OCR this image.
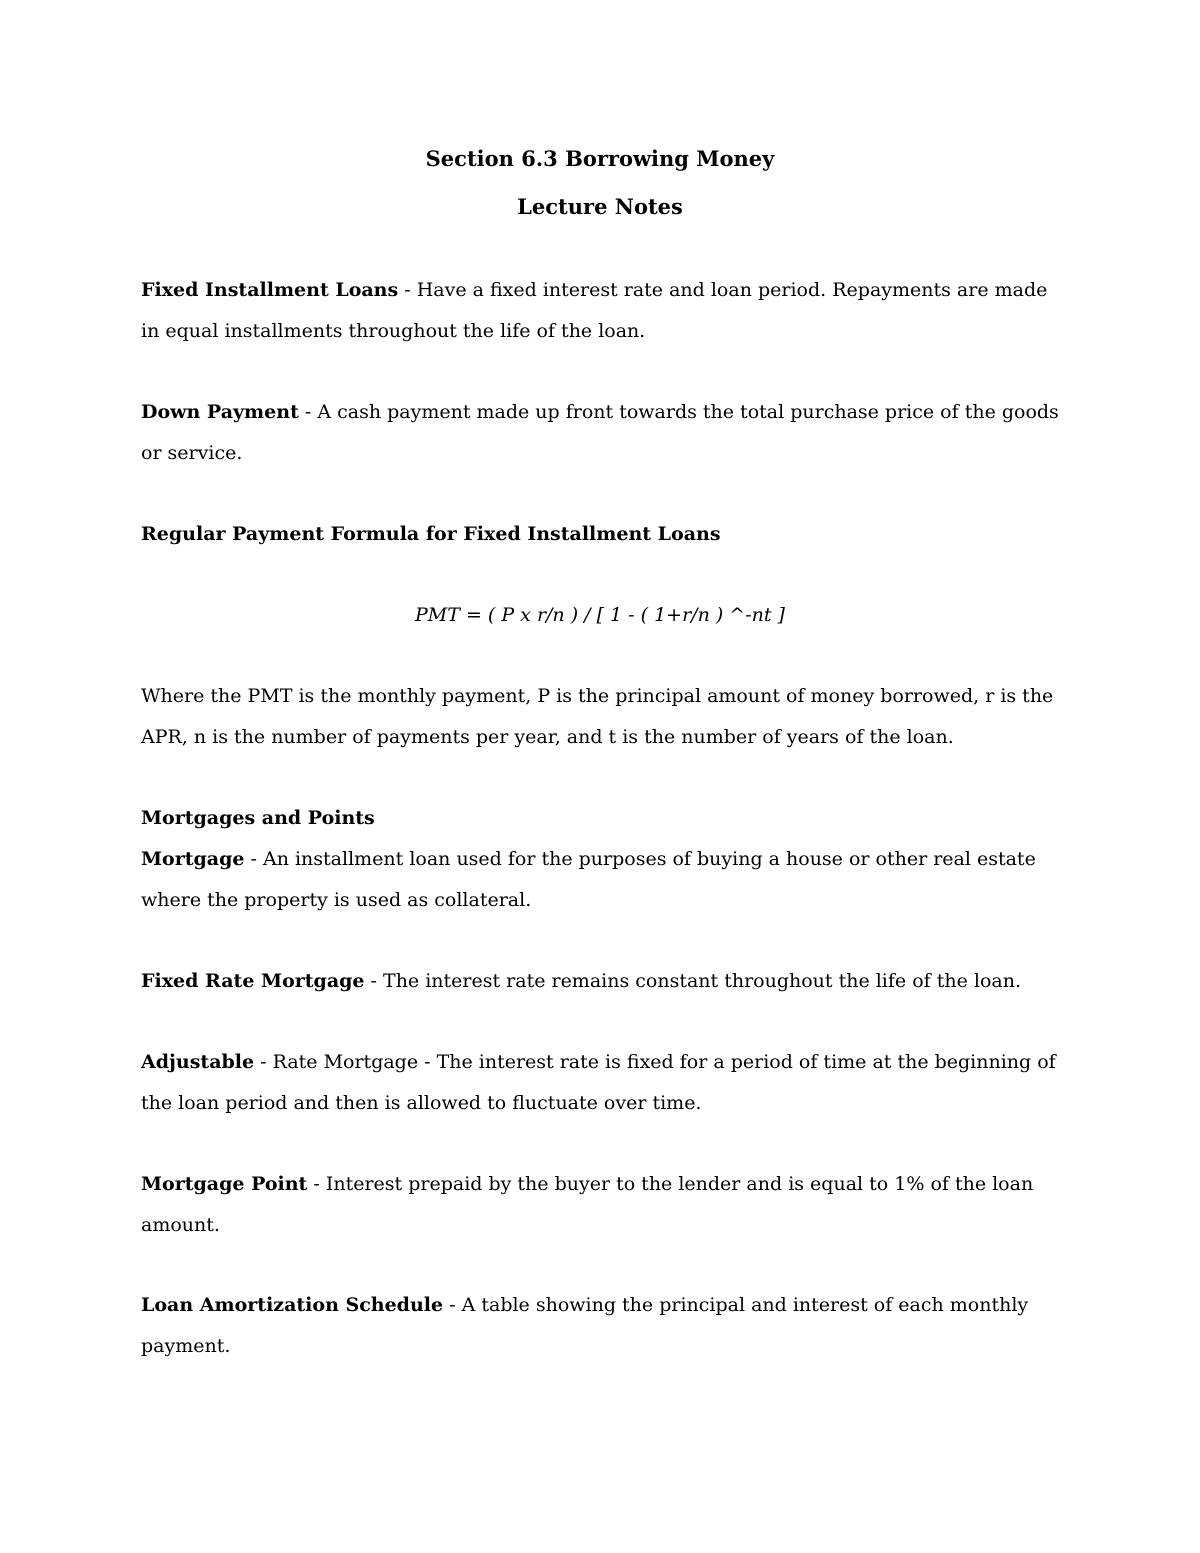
Section 6.3 Borrowing Money
Lecture Notes

Fixed Installment Loans - Have a fixed interest rate and loan period. Repayments are made in equal installments throughout the life of the loan.

Down Payment - A cash payment made up front towards the total purchase price of the goods or service.

Regular Payment Formula for Fixed Installment Loans

PMT = ( P x r/n ) / [ 1 - ( 1+r/n ) ^-nt ]

Where the PMT is the monthly payment, P is the principal amount of money borrowed, r is the APR, n is the number of payments per year, and t is the number of years of the loan.

Mortgages and Points

Mortgage - An installment loan used for the purposes of buying a house or other real estate where the property is used as collateral.

Fixed Rate Mortgage - The interest rate remains constant throughout the life of the loan.

Adjustable - Rate Mortgage - The interest rate is fixed for a period of time at the beginning of the loan period and then is allowed to fluctuate over time.

Mortgage Point - Interest prepaid by the buyer to the lender and is equal to 1% of the loan amount.

Loan Amortization Schedule - A table showing the principal and interest of each monthly payment.
